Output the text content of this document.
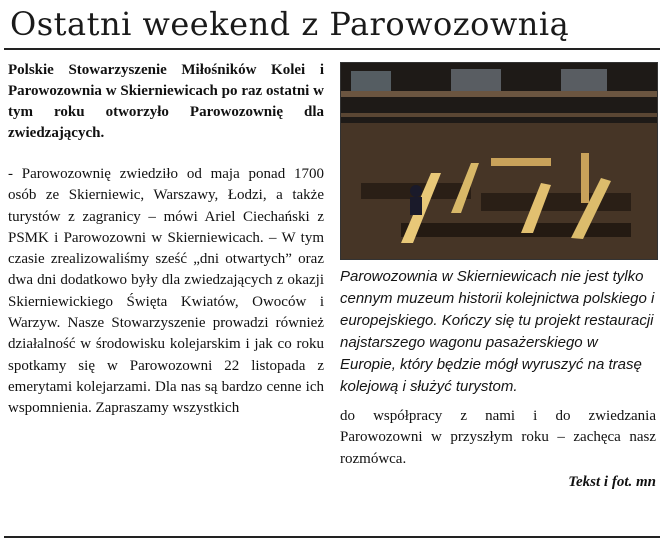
Ostatni weekend z Parowozownią

Polskie Stowarzyszenie Miłośników Kolei i Parowozownia w Skierniewicach po raz ostatni w tym roku otworzyło Parowozownię dla zwiedzających.

- Parowozownię zwiedziło od maja ponad 1700 osób ze Skierniewic, Warszawy, Łodzi, a także turystów z zagranicy – mówi Ariel Ciechański z PSMK i Parowozowni w Skierniewicach. – W tym czasie zrealizowaliśmy sześć „dni otwartych” oraz dwa dni dodatkowo były dla zwiedzających z okazji Skierniewickiego Święta Kwiatów, Owoców i Warzyw. Nasze Stowarzyszenie prowadzi również działalność w środowisku kolejarskim i jak co roku spotkamy się w Parowozowni 22 listopada z emerytami kolejarzami. Dla nas są bardzo cenne ich wspomnienia. Zapraszamy wszystkich

Parowozownia w Skierniewicach nie jest tylko cennym muzeum historii kolejnictwa polskiego i europejskiego. Kończy się tu projekt restauracji najstarszego wagonu pasażerskiego w Europie, który będzie mógł wyruszyć na trasę kolejową i służyć turystom.

do współpracy z nami i do zwiedzania Parowozowni w przyszłym roku – zachęca nasz rozmówca.

Tekst i fot. mn
